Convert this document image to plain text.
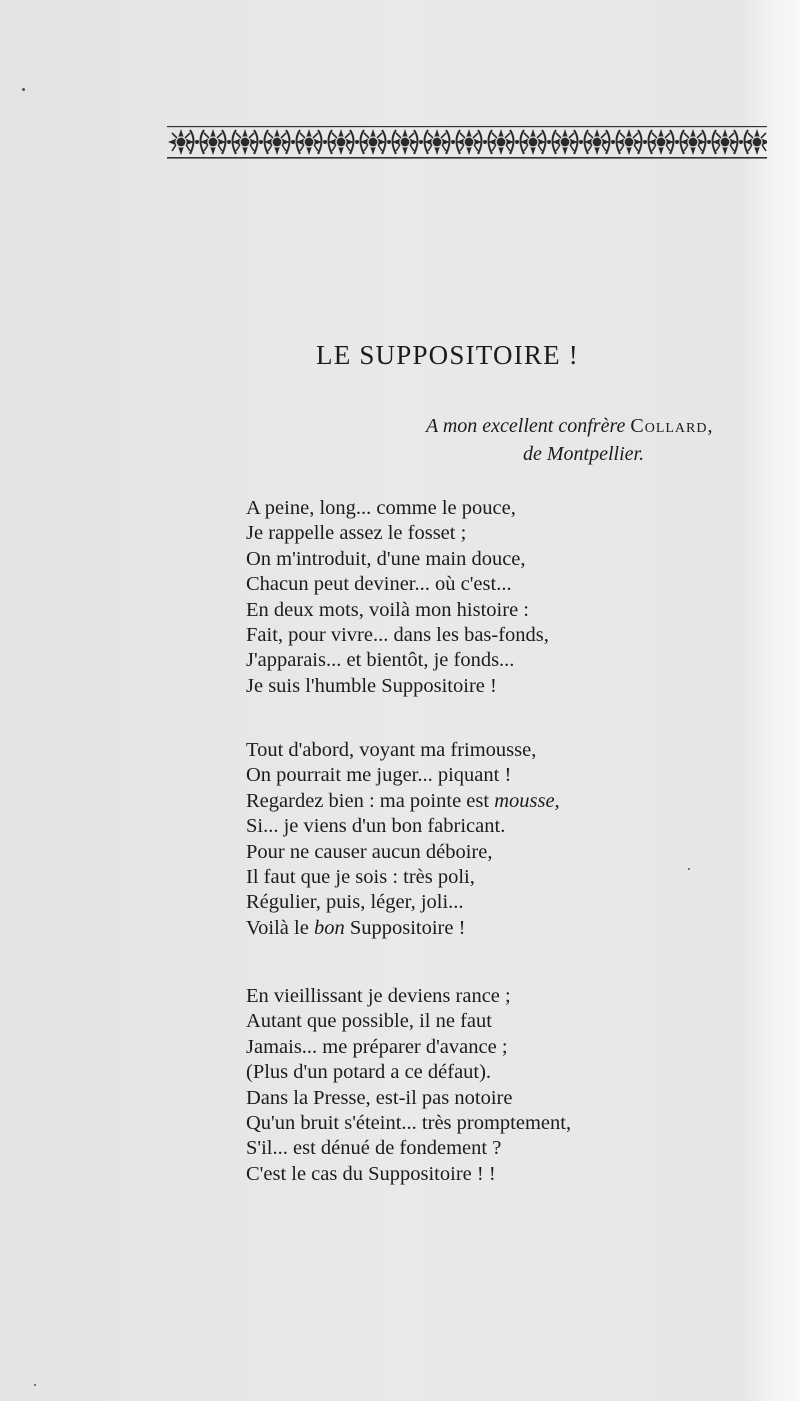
LE SUPPOSITOIRE !
A mon excellent confrère Collard,
de Montpellier.
A peine, long... comme le pouce,
Je rappelle assez le fosset ;
On m'introduit, d'une main douce,
Chacun peut deviner... où c'est...
En deux mots, voilà mon histoire :
Fait, pour vivre... dans les bas-fonds,
J'apparais... et bientôt, je fonds...
Je suis l'humble Suppositoire !
Tout d'abord, voyant ma frimousse,
On pourrait me juger... piquant !
Regardez bien : ma pointe est mousse,
Si... je viens d'un bon fabricant.
Pour ne causer aucun déboire,
Il faut que je sois : très poli,
Régulier, puis, léger, joli...
Voilà le bon Suppositoire !
En vieillissant je deviens rance ;
Autant que possible, il ne faut
Jamais... me préparer d'avance ;
(Plus d'un potard a ce défaut).
Dans la Presse, est-il pas notoire
Qu'un bruit s'éteint... très promptement,
S'il... est dénué de fondement ?
C'est le cas du Suppositoire ! !
